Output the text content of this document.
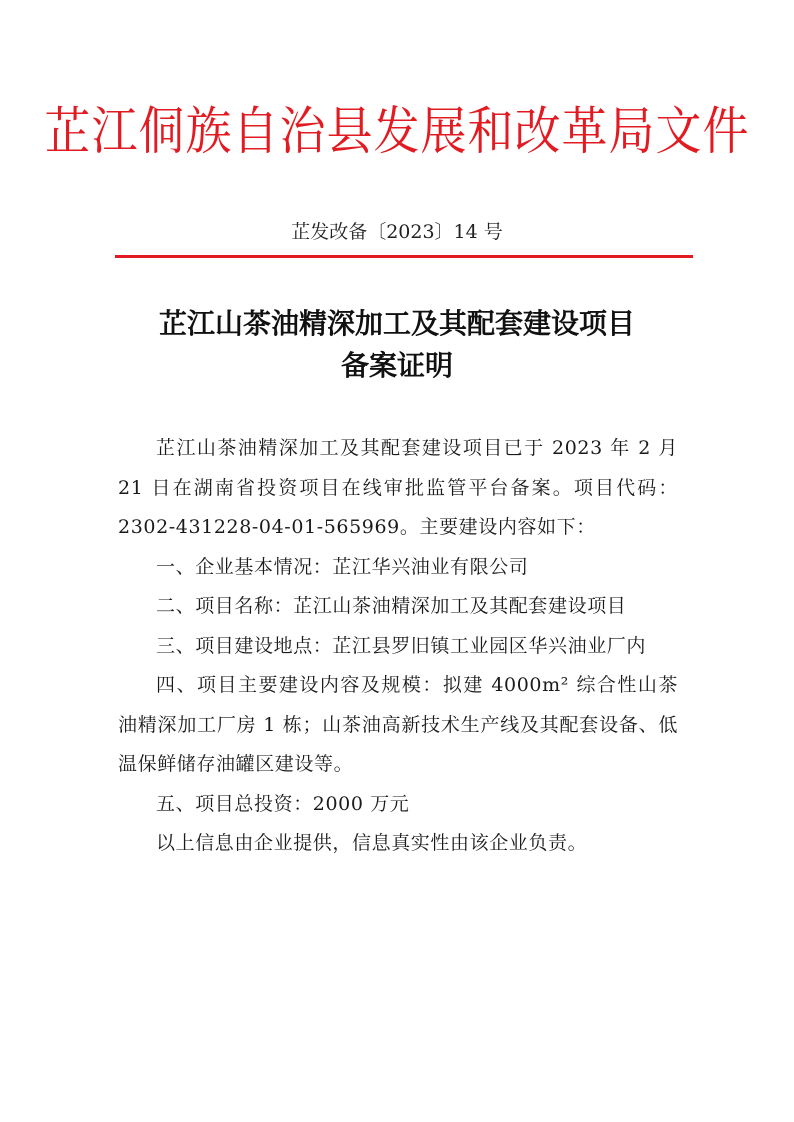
芷江侗族自治县发展和改革局文件
芷发改备〔2023〕14 号
芷江山茶油精深加工及其配套建设项目
备案证明

芷江山茶油精深加工及其配套建设项目已于 2023 年 2 月 21 日在湖南省投资项目在线审批监管平台备案。项目代码：2302-431228-04-01-565969。主要建设内容如下：

一、企业基本情况：芷江华兴油业有限公司

二、项目名称：芷江山茶油精深加工及其配套建设项目

三、项目建设地点：芷江县罗旧镇工业园区华兴油业厂内

四、项目主要建设内容及规模：拟建 4000m² 综合性山茶油精深加工厂房 1 栋；山茶油高新技术生产线及其配套设备、低温保鲜储存油罐区建设等。

五、项目总投资：2000 万元

以上信息由企业提供，信息真实性由该企业负责。
